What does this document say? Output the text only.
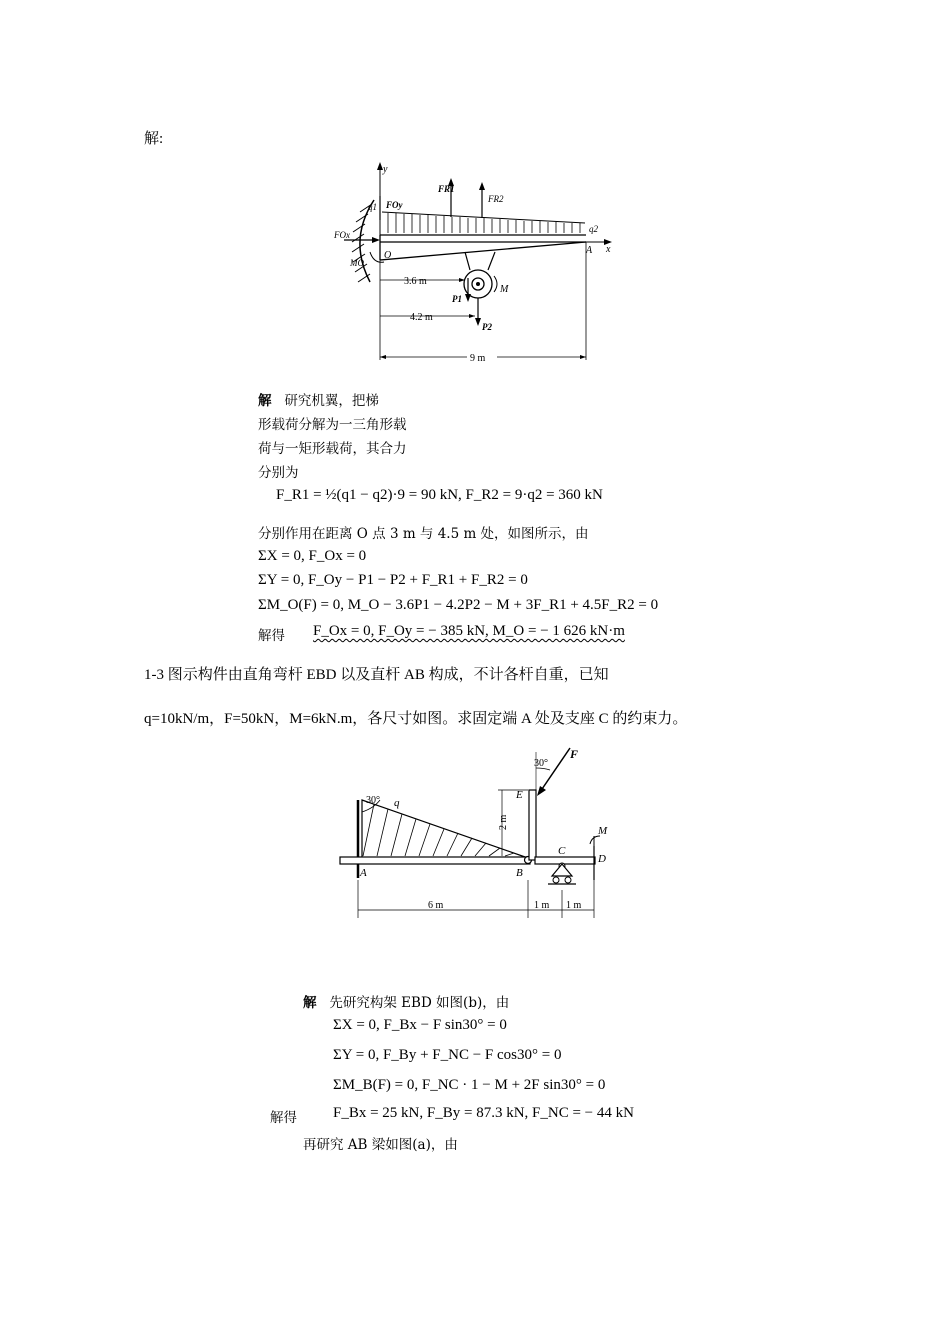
解:
y
x
A
q2
q1 FOy
FOx
MO
O
FR1
FR2
M
P1
P2
3.6 m
4.2 m
9 m
解 研究机翼，把梯
形载荷分解为一三角形载
荷与一矩形载荷，其合力
分别为
F_R1 = ½(q1 − q2)·9 = 90 kN, F_R2 = 9·q2 = 360 kN
分别作用在距离 O 点 3 m 与 4.5 m 处，如图所示，由
ΣX = 0, F_Ox = 0
ΣY = 0, F_Oy − P1 − P2 + F_R1 + F_R2 = 0
ΣM_O(F) = 0, M_O − 3.6P1 − 4.2P2 − M + 3F_R1 + 4.5F_R2 = 0
解得 F_Ox = 0, F_Oy = − 385 kN, M_O = − 1 626 kN·m
1-3 图示构件由直角弯杆 EBD 以及直杆 AB 构成，不计各杆自重，已知
q=10kN/m，F=50kN，M=6kN.m，各尺寸如图。求固定端 A 处及支座 C 的约束力。
30° q
A	B
E
2 m
30°
F
M
D
C
6 m	1 m 1 m
解 先研究构架 EBD 如图(b)，由
ΣX = 0, F_Bx − F sin30° = 0
ΣY = 0, F_By + F_NC − F cos30° = 0
ΣM_B(F) = 0, F_NC · 1 − M + 2F sin30° = 0
解得 F_Bx = 25 kN, F_By = 87.3 kN, F_NC = − 44 kN
再研究 AB 梁如图(a)，由
